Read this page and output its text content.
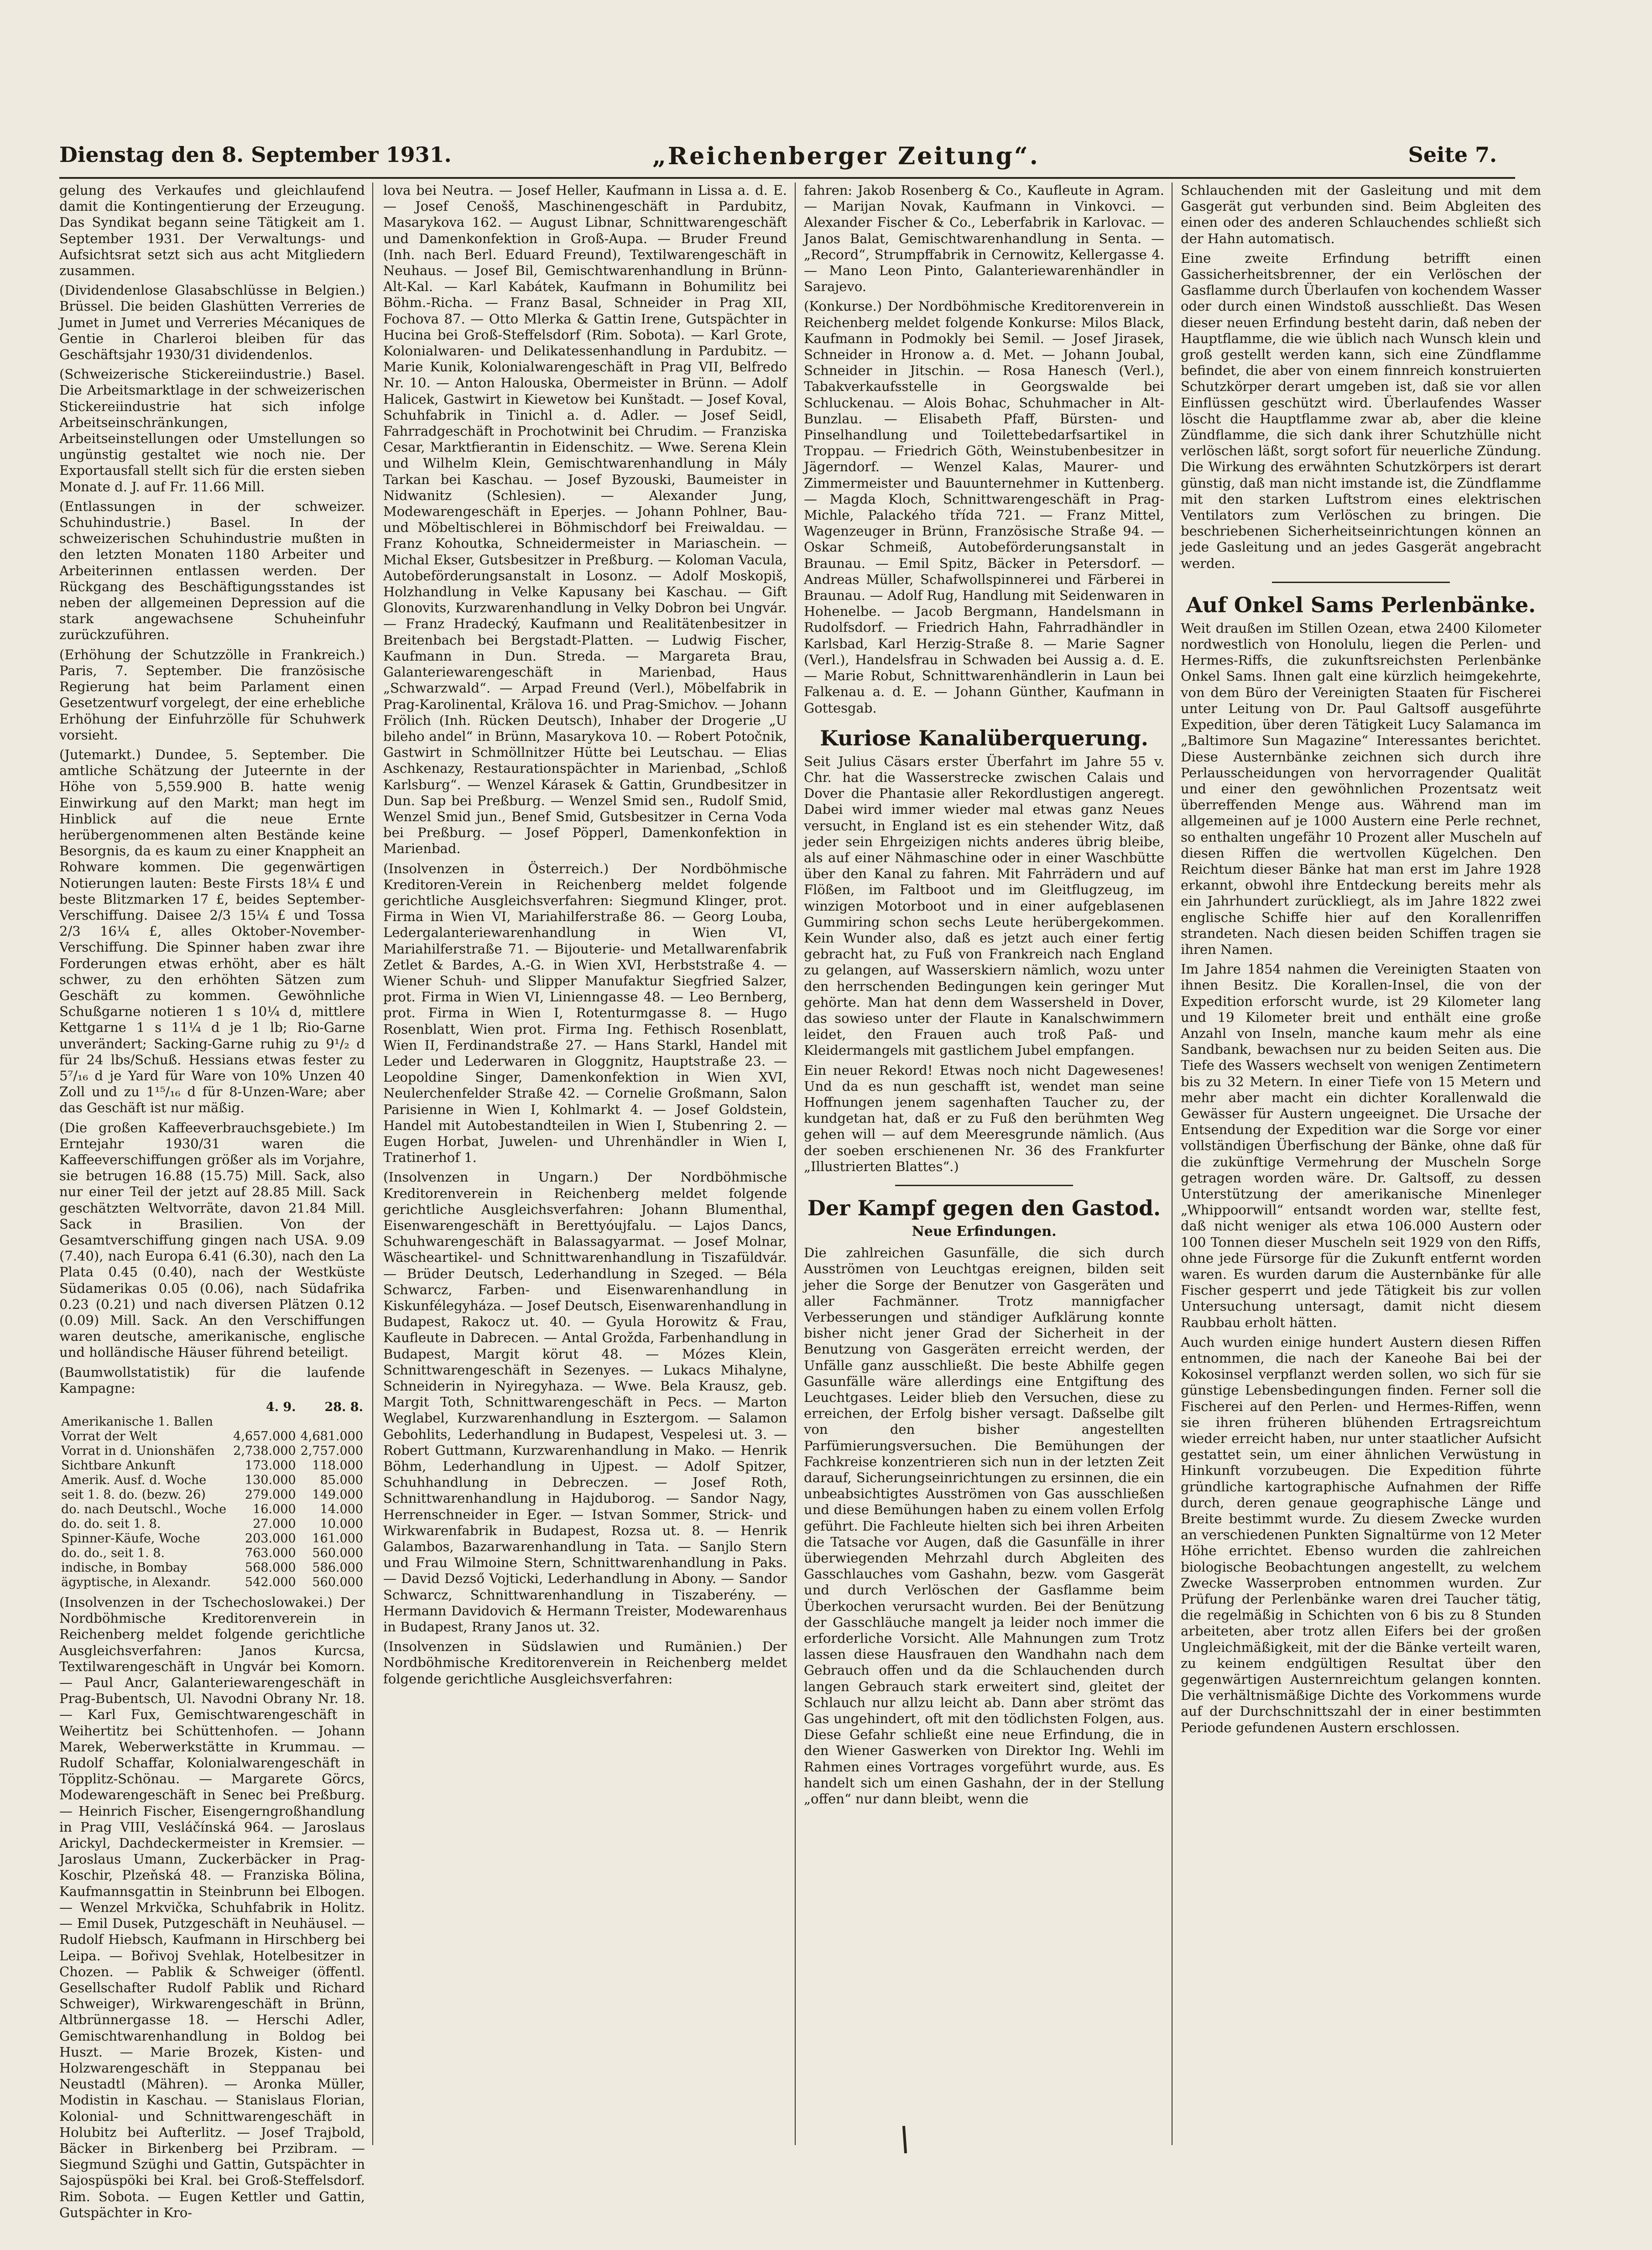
Dienstag den 8. September 1931.	„Reichenberger Zeitung“.	Seite 7.

gelung des Verkaufes und gleichlaufend damit die Kontingentierung der Erzeugung. Das Syndikat begann seine Tätigkeit am 1. September 1931. Der Verwaltungs- und Aufsichtsrat setzt sich aus acht Mitgliedern zusammen.

(Dividendenlose Glasabschlüsse in Belgien.) Brüssel. Die beiden Glashütten Verreries de Jumet in Jumet und Verreries Mécaniques de Gentie in Charleroi bleiben für das Geschäftsjahr 1930/31 dividendenlos.

(Schweizerische Stickereiindustrie.) Basel. Die Arbeitsmarktlage in der schweizerischen Stickereiindustrie hat sich infolge Arbeitseinschränkungen, Arbeitseinstellungen oder Umstellungen so ungünstig gestaltet wie noch nie. Der Exportausfall stellt sich für die ersten sieben Monate d. J. auf Fr. 11.66 Mill.

(Entlassungen in der schweizer. Schuhindustrie.) Basel. In der schweizerischen Schuhindustrie mußten in den letzten Monaten 1180 Arbeiter und Arbeiterinnen entlassen werden. Der Rückgang des Beschäftigungsstandes ist neben der allgemeinen Depression auf die stark angewachsene Schuheinfuhr zurückzuführen.

(Erhöhung der Schutzzölle in Frankreich.) Paris, 7. September. Die französische Regierung hat beim Parlament einen Gesetzentwurf vorgelegt, der eine erhebliche Erhöhung der Einfuhrzölle für Schuhwerk vorsieht.

(Jutemarkt.) Dundee, 5. September. Die amtliche Schätzung der Juteernte in der Höhe von 5,559.900 B. hatte wenig Einwirkung auf den Markt; man hegt im Hinblick auf die neue Ernte herübergenommenen alten Bestände keine Besorgnis, da es kaum zu einer Knappheit an Rohware kommen. Die gegenwärtigen Notierungen lauten: Beste Firsts 18¼ £ und beste Blitzmarken 17 £, beides September-Verschiffung. Daisee 2/3 15¼ £ und Tossa 2/3 16¼ £, alles Oktober-November-Verschiffung. Die Spinner haben zwar ihre Forderungen etwas erhöht, aber es hält schwer, zu den erhöhten Sätzen zum Geschäft zu kommen. Gewöhnliche Schußgarne notieren 1 s 10¼ d, mittlere Kettgarne 1 s 11¼ d je 1 lb; Rio-Garne unverändert; Sacking-Garne ruhig zu 9¹/₂ d für 24 lbs/Schuß. Hessians etwas fester zu 5⁷/₁₆ d je Yard für Ware von 10% Unzen 40 Zoll und zu 1¹⁵/₁₆ d für 8-Unzen-Ware; aber das Geschäft ist nur mäßig.

(Die großen Kaffeeverbrauchsgebiete.) Im Erntejahr 1930/31 waren die Kaffeeverschiffungen größer als im Vorjahre, sie betrugen 16.88 (15.75) Mill. Sack, also nur einer Teil der jetzt auf 28.85 Mill. Sack geschätzten Weltvorräte, davon 21.84 Mill. Sack in Brasilien. Von der Gesamtverschiffung gingen nach USA. 9.09 (7.40), nach Europa 6.41 (6.30), nach den La Plata 0.45 (0.40), nach der Westküste Südamerikas 0.05 (0.06), nach Südafrika 0.23 (0.21) und nach diversen Plätzen 0.12 (0.09) Mill. Sack. An den Verschiffungen waren deutsche, amerikanische, englische und holländische Häuser führend beteiligt.

(Baumwollstatistik) für die laufende Kampagne:

	4. 9.	28. 8.
Amerikanische 1. Ballen		
Vorrat der Welt	4,657.000	4,681.000
Vorrat in d. Unionshäfen	2,738.000	2,757.000
Sichtbare Ankunft	173.000	118.000
Amerik. Ausf. d. Woche	130.000	85.000
seit 1. 8. do. (bezw. 26)	279.000	149.000
do. nach Deutschl., Woche	16.000	14.000
do. do. seit 1. 8.	27.000	10.000
Spinner-Käufe, Woche	203.000	161.000
do. do., seit 1. 8.	763.000	560.000
indische, in Bombay	568.000	586.000
ägyptische, in Alexandr.	542.000	560.000

(Insolvenzen in der Tschechoslowakei.) Der Nordböhmische Kreditorenverein in Reichenberg meldet folgende gerichtliche Ausgleichsverfahren: Janos Kurcsa, Textilwarengeschäft in Ungvár bei Komorn. — Paul Ancr, Galanteriewarengeschäft in Prag-Bubentsch, Ul. Navodni Obrany Nr. 18. — Karl Fux, Gemischtwarengeschäft in Weihertitz bei Schüttenhofen. — Johann Marek, Weberwerkstätte in Krummau. — Rudolf Schaffar, Kolonialwarengeschäft in Töpplitz-Schönau. — Margarete Görcs, Modewarengeschäft in Senec bei Preßburg. — Heinrich Fischer, Eisengerngroßhandlung in Prag VIII, Vesláčínská 964. — Jaroslaus Arickyl, Dachdeckermeister in Kremsier. — Jaroslaus Umann, Zuckerbäcker in Prag-Koschir, Plzeňská 48. — Franziska Bölina, Kaufmannsgattin in Steinbrunn bei Elbogen. — Wenzel Mrkvička, Schuhfabrik in Holitz. — Emil Dusek, Putzgeschäft in Neuhäusel. — Rudolf Hiebsch, Kaufmann in Hirschberg bei Leipa. — Bořivoj Svehlak, Hotelbesitzer in Chozen. — Pablik & Schweiger (öffentl. Gesellschafter Rudolf Pablik und Richard Schweiger), Wirkwarengeschäft in Brünn, Altbrünnergasse 18. — Herschi Adler, Gemischtwarenhandlung in Boldog bei Huszt. — Marie Brozek, Kisten- und Holzwarengeschäft in Steppanau bei Neustadtl (Mähren). — Aronka Müller, Modistin in Kaschau. — Stanislaus Florian, Kolonial- und Schnittwarengeschäft in Holubitz bei Aufterlitz. — Josef Trajbold, Bäcker in Birkenberg bei Przibram. — Siegmund Szüghi und Gattin, Gutspächter in Sajospüspöki bei Kral. bei Groß-Steffelsdorf. Rim. Sobota. — Eugen Kettler und Gattin, Gutspächter in Kro-

lova bei Neutra. — Josef Heller, Kaufmann in Lissa a. d. E. — Josef Cenošš, Maschinengeschäft in Pardubitz, Masarykova 162. — August Libnar, Schnittwarengeschäft und Damenkonfektion in Groß-Aupa. — Bruder Freund (Inh. nach Berl. Eduard Freund), Textilwarengeschäft in Neuhaus. — Josef Bil, Gemischtwarenhandlung in Brünn-Alt-Kal. — Karl Kabátek, Kaufmann in Bohumilitz bei Böhm.-Richa. — Franz Basal, Schneider in Prag XII, Fochova 87. — Otto Mlerka & Gattin Irene, Gutspächter in Hucina bei Groß-Steffelsdorf (Rim. Sobota). — Karl Grote, Kolonialwaren- und Delikatessenhandlung in Pardubitz. — Marie Kunik, Kolonialwarengeschäft in Prag VII, Belfredo Nr. 10. — Anton Halouska, Obermeister in Brünn. — Adolf Halicek, Gastwirt in Kiewetow bei Kunštadt. — Josef Koval, Schuhfabrik in Tinichl a. d. Adler. — Josef Seidl, Fahrradgeschäft in Prochotwinit bei Chrudim. — Franziska Cesar, Marktfierantin in Eidenschitz. — Wwe. Serena Klein und Wilhelm Klein, Gemischtwarenhandlung in Mály Tarkan bei Kaschau. — Josef Byzouski, Baumeister in Nidwanitz (Schlesien). — Alexander Jung, Modewarengeschäft in Eperjes. — Johann Pohlner, Bau- und Möbeltischlerei in Böhmischdorf bei Freiwaldau. — Franz Kohoutka, Schneidermeister in Mariaschein. — Michal Ekser, Gutsbesitzer in Preßburg. — Koloman Vacula, Autobeförderungsanstalt in Losonz. — Adolf Moskopiš, Holzhandlung in Velke Kapusany bei Kaschau. — Gift Glonovits, Kurzwarenhandlung in Velky Dobron bei Ungvár. — Franz Hradecký, Kaufmann und Realitätenbesitzer in Breitenbach bei Bergstadt-Platten. — Ludwig Fischer, Kaufmann in Dun. Streda. — Margareta Brau, Galanteriewarengeschäft in Marienbad, Haus „Schwarzwald“. — Arpad Freund (Verl.), Möbelfabrik in Prag-Karolinental, Krälova 16. und Prag-Smichov. — Johann Frölich (Inh. Rücken Deutsch), Inhaber der Drogerie „U bileho andel“ in Brünn, Masarykova 10. — Robert Potočnik, Gastwirt in Schmöllnitzer Hütte bei Leutschau. — Elias Aschkenazy, Restaurationspächter in Marienbad, „Schloß Karlsburg“. — Wenzel Kárasek & Gattin, Grundbesitzer in Dun. Sap bei Preßburg. — Wenzel Smid sen., Rudolf Smid, Wenzel Smid jun., Benef Smid, Gutsbesitzer in Cerna Voda bei Preßburg. — Josef Pöpperl, Damenkonfektion in Marienbad.

(Insolvenzen in Österreich.) Der Nordböhmische Kreditoren-Verein in Reichenberg meldet folgende gerichtliche Ausgleichsverfahren: Siegmund Klinger, prot. Firma in Wien VI, Mariahilferstraße 86. — Georg Louba, Ledergalanteriewarenhandlung in Wien VI, Mariahilferstraße 71. — Bijouterie- und Metallwarenfabrik Zetlet & Bardes, A.-G. in Wien XVI, Herbststraße 4. — Wiener Schuh- und Slipper Manufaktur Siegfried Salzer, prot. Firma in Wien VI, Linienngasse 48. — Leo Bernberg, prot. Firma in Wien I, Rotenturmgasse 8. — Hugo Rosenblatt, Wien prot. Firma Ing. Fethisch Rosenblatt, Wien II, Ferdinandstraße 27. — Hans Starkl, Handel mit Leder und Lederwaren in Gloggnitz, Hauptstraße 23. — Leopoldine Singer, Damenkonfektion in Wien XVI, Neulerchenfelder Straße 42. — Cornelie Großmann, Salon Parisienne in Wien I, Kohlmarkt 4. — Josef Goldstein, Handel mit Autobestandteilen in Wien I, Stubenring 2. — Eugen Horbat, Juwelen- und Uhrenhändler in Wien I, Tratinerhof 1.

(Insolvenzen in Ungarn.) Der Nordböhmische Kreditorenverein in Reichenberg meldet folgende gerichtliche Ausgleichsverfahren: Johann Blumenthal, Eisenwarengeschäft in Berettyóujfalu. — Lajos Dancs, Schuhwarengeschäft in Balassagyarmat. — Josef Molnar, Wäscheartikel- und Schnittwarenhandlung in Tiszafüldvár. — Brüder Deutsch, Lederhandlung in Szeged. — Béla Schwarcz, Farben- und Eisenwarenhandlung in Kiskunfélegyháza. — Josef Deutsch, Eisenwarenhandlung in Budapest, Rakocz ut. 40. — Gyula Horowitz & Frau, Kaufleute in Dabrecen. — Antal Grožda, Farbenhandlung in Budapest, Margit körut 48. — Mózes Klein, Schnittwarengeschäft in Sezenyes. — Lukacs Mihalyne, Schneiderin in Nyiregyhaza. — Wwe. Bela Krausz, geb. Margit Toth, Schnittwarengeschäft in Pecs. — Marton Weglabel, Kurzwarenhandlung in Esztergom. — Salamon Gebohlits, Lederhandlung in Budapest, Vespelesi ut. 3. — Robert Guttmann, Kurzwarenhandlung in Mako. — Henrik Böhm, Lederhandlung in Ujpest. — Adolf Spitzer, Schuhhandlung in Debreczen. — Josef Roth, Schnittwarenhandlung in Hajduborog. — Sandor Nagy, Herrenschneider in Eger. — Istvan Sommer, Strick- und Wirkwarenfabrik in Budapest, Rozsa ut. 8. — Henrik Galambos, Bazarwarenhandlung in Tata. — Sanjlo Stern und Frau Wilmoine Stern, Schnittwarenhandlung in Paks. — David Dezső Vojticki, Lederhandlung in Abony. — Sandor Schwarcz, Schnittwarenhandlung in Tiszaberény. — Hermann Davidovich & Hermann Treister, Modewarenhaus in Budapest, Rrany Janos ut. 32.

(Insolvenzen in Südslawien und Rumänien.) Der Nordböhmische Kreditorenverein in Reichenberg meldet folgende gerichtliche Ausgleichsverfahren:

fahren: Jakob Rosenberg & Co., Kaufleute in Agram. — Marijan Novak, Kaufmann in Vinkovci. — Alexander Fischer & Co., Leberfabrik in Karlovac. — Janos Balat, Gemischtwarenhandlung in Senta. — „Record“, Strumpffabrik in Cernowitz, Kellergasse 4. — Mano Leon Pinto, Galanteriewarenhändler in Sarajevo.

(Konkurse.) Der Nordböhmische Kreditorenverein in Reichenberg meldet folgende Konkurse: Milos Black, Kaufmann in Podmokly bei Semil. — Josef Jirasek, Schneider in Hronow a. d. Met. — Johann Joubal, Schneider in Jitschin. — Rosa Hanesch (Verl.), Tabakverkaufsstelle in Georgswalde bei Schluckenau. — Alois Bohac, Schuhmacher in Alt-Bunzlau. — Elisabeth Pfaff, Bürsten- und Pinselhandlung und Toilettebedarfsartikel in Troppau. — Friedrich Göth, Weinstubenbesitzer in Jägerndorf. — Wenzel Kalas, Maurer- und Zimmermeister und Bauunternehmer in Kuttenberg. — Magda Kloch, Schnittwarengeschäft in Prag-Michle, Palackého třída 721. — Franz Mittel, Wagenzeuger in Brünn, Französische Straße 94. — Oskar Schmeiß, Autobeförderungsanstalt in Braunau. — Emil Spitz, Bäcker in Petersdorf. — Andreas Müller, Schafwollspinnerei und Färberei in Braunau. — Adolf Rug, Handlung mit Seidenwaren in Hohenelbe. — Jacob Bergmann, Handelsmann in Rudolfsdorf. — Friedrich Hahn, Fahrradhändler in Karlsbad, Karl Herzig-Straße 8. — Marie Sagner (Verl.), Handelsfrau in Schwaden bei Aussig a. d. E. — Marie Robut, Schnittwarenhändlerin in Laun bei Falkenau a. d. E. — Johann Günther, Kaufmann in Gottesgab.

Kuriose Kanalüberquerung.

Seit Julius Cäsars erster Überfahrt im Jahre 55 v. Chr. hat die Wasserstrecke zwischen Calais und Dover die Phantasie aller Rekordlustigen angeregt. Dabei wird immer wieder mal etwas ganz Neues versucht, in England ist es ein stehender Witz, daß jeder sein Ehrgeizigen nichts anderes übrig bleibe, als auf einer Nähmaschine oder in einer Waschbütte über den Kanal zu fahren. Mit Fahrrädern und auf Flößen, im Faltboot und im Gleitflugzeug, im winzigen Motorboot und in einer aufgeblasenen Gummiring schon sechs Leute herübergekommen. Kein Wunder also, daß es jetzt auch einer fertig gebracht hat, zu Fuß von Frankreich nach England zu gelangen, auf Wasserskiern nämlich, wozu unter den herrschenden Bedingungen kein geringer Mut gehörte. Man hat denn dem Wassersheld in Dover, das sowieso unter der Flaute in Kanalschwimmern leidet, den Frauen auch troß Paß- und Kleidermangels mit gastlichem Jubel empfangen.

Ein neuer Rekord! Etwas noch nicht Dagewesenes! Und da es nun geschafft ist, wendet man seine Hoffnungen jenem sagenhaften Taucher zu, der kundgetan hat, daß er zu Fuß den berühmten Weg gehen will — auf dem Meeresgrunde nämlich. (Aus der soeben erschienenen Nr. 36 des Frankfurter „Illustrierten Blattes“.)

Der Kampf gegen den Gastod.
Neue Erfindungen.

Die zahlreichen Gasunfälle, die sich durch Ausströmen von Leuchtgas ereignen, bilden seit jeher die Sorge der Benutzer von Gasgeräten und aller Fachmänner. Trotz mannigfacher Verbesserungen und ständiger Aufklärung konnte bisher nicht jener Grad der Sicherheit in der Benutzung von Gasgeräten erreicht werden, der Unfälle ganz ausschließt. Die beste Abhilfe gegen Gasunfälle wäre allerdings eine Entgiftung des Leuchtgases. Leider blieb den Versuchen, diese zu erreichen, der Erfolg bisher versagt. Daßselbe gilt von den bisher angestellten Parfümierungsversuchen. Die Bemühungen der Fachkreise konzentrieren sich nun in der letzten Zeit darauf, Sicherungseinrichtungen zu ersinnen, die ein unbeabsichtigtes Ausströmen von Gas ausschließen und diese Bemühungen haben zu einem vollen Erfolg geführt. Die Fachleute hielten sich bei ihren Arbeiten die Tatsache vor Augen, daß die Gasunfälle in ihrer überwiegenden Mehrzahl durch Abgleiten des Gasschlauches vom Gashahn, bezw. vom Gasgerät und durch Verlöschen der Gasflamme beim Überkochen verursacht wurden. Bei der Benützung der Gasschläuche mangelt ja leider noch immer die erforderliche Vorsicht. Alle Mahnungen zum Trotz lassen diese Hausfrauen den Wandhahn nach dem Gebrauch offen und da die Schlauchenden durch langen Gebrauch stark erweitert sind, gleitet der Schlauch nur allzu leicht ab. Dann aber strömt das Gas ungehindert, oft mit den tödlichsten Folgen, aus. Diese Gefahr schließt eine neue Erfindung, die in den Wiener Gaswerken von Direktor Ing. Wehli im Rahmen eines Vortrages vorgeführt wurde, aus. Es handelt sich um einen Gashahn, der in der Stellung „offen“ nur dann bleibt, wenn die

Schlauchenden mit der Gasleitung und mit dem Gasgerät gut verbunden sind. Beim Abgleiten des einen oder des anderen Schlauchendes schließt sich der Hahn automatisch.

Eine zweite Erfindung betrifft einen Gassicherheitsbrenner, der ein Verlöschen der Gasflamme durch Überlaufen von kochendem Wasser oder durch einen Windstoß ausschließt. Das Wesen dieser neuen Erfindung besteht darin, daß neben der Hauptflamme, die wie üblich nach Wunsch klein und groß gestellt werden kann, sich eine Zündflamme befindet, die aber von einem finnreich konstruierten Schutzkörper derart umgeben ist, daß sie vor allen Einflüssen geschützt wird. Überlaufendes Wasser löscht die Hauptflamme zwar ab, aber die kleine Zündflamme, die sich dank ihrer Schutzhülle nicht verlöschen läßt, sorgt sofort für neuerliche Zündung. Die Wirkung des erwähnten Schutzkörpers ist derart günstig, daß man nicht imstande ist, die Zündflamme mit den starken Luftstrom eines elektrischen Ventilators zum Verlöschen zu bringen. Die beschriebenen Sicherheitseinrichtungen können an jede Gasleitung und an jedes Gasgerät angebracht werden.

Auf Onkel Sams Perlenbänke.

Weit draußen im Stillen Ozean, etwa 2400 Kilometer nordwestlich von Honolulu, liegen die Perlen- und Hermes-Riffs, die zukunftsreichsten Perlenbänke Onkel Sams. Ihnen galt eine kürzlich heimgekehrte, von dem Büro der Vereinigten Staaten für Fischerei unter Leitung von Dr. Paul Galtsoff ausgeführte Expedition, über deren Tätigkeit Lucy Salamanca im „Baltimore Sun Magazine“ Interessantes berichtet. Diese Austernbänke zeichnen sich durch ihre Perlausscheidungen von hervorragender Qualität und einer den gewöhnlichen Prozentsatz weit überreffenden Menge aus. Während man im allgemeinen auf je 1000 Austern eine Perle rechnet, so enthalten ungefähr 10 Prozent aller Muscheln auf diesen Riffen die wertvollen Kügelchen. Den Reichtum dieser Bänke hat man erst im Jahre 1928 erkannt, obwohl ihre Entdeckung bereits mehr als ein Jahrhundert zurückliegt, als im Jahre 1822 zwei englische Schiffe hier auf den Korallenriffen strandeten. Nach diesen beiden Schiffen tragen sie ihren Namen.

Im Jahre 1854 nahmen die Vereinigten Staaten von ihnen Besitz. Die Korallen-Insel, die von der Expedition erforscht wurde, ist 29 Kilometer lang und 19 Kilometer breit und enthält eine große Anzahl von Inseln, manche kaum mehr als eine Sandbank, bewachsen nur zu beiden Seiten aus. Die Tiefe des Wassers wechselt von wenigen Zentimetern bis zu 32 Metern. In einer Tiefe von 15 Metern und mehr aber macht ein dichter Korallenwald die Gewässer für Austern ungeeignet. Die Ursache der Entsendung der Expedition war die Sorge vor einer vollständigen Überfischung der Bänke, ohne daß für die zukünftige Vermehrung der Muscheln Sorge getragen worden wäre. Dr. Galtsoff, zu dessen Unterstützung der amerikanische Minenleger „Whippoorwill“ entsandt worden war, stellte fest, daß nicht weniger als etwa 106.000 Austern oder 100 Tonnen dieser Muscheln seit 1929 von den Riffs, ohne jede Fürsorge für die Zukunft entfernt worden waren. Es wurden darum die Austernbänke für alle Fischer gesperrt und jede Tätigkeit bis zur vollen Untersuchung untersagt, damit nicht diesem Raubbau erholt hätten.

Auch wurden einige hundert Austern diesen Riffen entnommen, die nach der Kaneohe Bai bei der Kokosinsel verpflanzt werden sollen, wo sich für sie günstige Lebensbedingungen finden. Ferner soll die Fischerei auf den Perlen- und Hermes-Riffen, wenn sie ihren früheren blühenden Ertragsreichtum wieder erreicht haben, nur unter staatlicher Aufsicht gestattet sein, um einer ähnlichen Verwüstung in Hinkunft vorzubeugen. Die Expedition führte gründliche kartographische Aufnahmen der Riffe durch, deren genaue geographische Länge und Breite bestimmt wurde. Zu diesem Zwecke wurden an verschiedenen Punkten Signaltürme von 12 Meter Höhe errichtet. Ebenso wurden die zahlreichen biologische Beobachtungen angestellt, zu welchem Zwecke Wasserproben entnommen wurden. Zur Prüfung der Perlenbänke waren drei Taucher tätig, die regelmäßig in Schichten von 6 bis zu 8 Stunden arbeiteten, aber trotz allen Eifers bei der großen Ungleichmäßigkeit, mit der die Bänke verteilt waren, zu keinem endgültigen Resultat über den gegenwärtigen Austernreichtum gelangen konnten. Die verhältnismäßige Dichte des Vorkommens wurde auf der Durchschnittszahl der in einer bestimmten Periode gefundenen Austern erschlossen.
